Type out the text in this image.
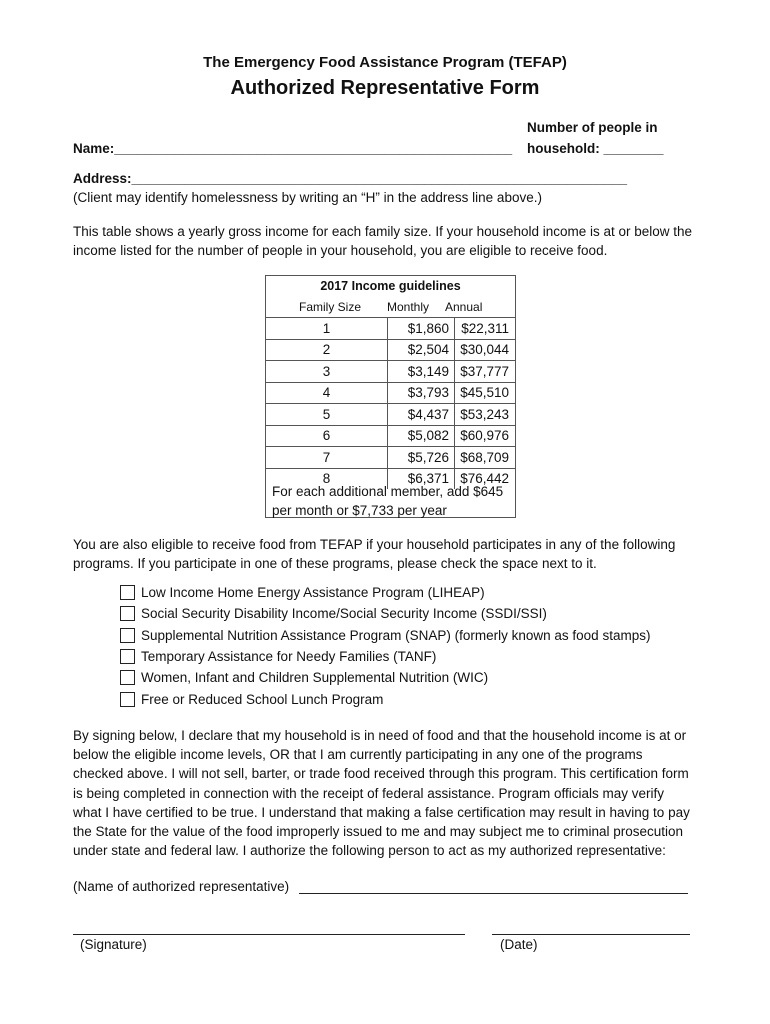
The Emergency Food Assistance Program (TEFAP)
Authorized Representative Form
Number of people in
Name:_____________________________________________________ household: ________
Address:__________________________________________________________________
(Client may identify homelessness by writing an “H” in the address line above.)
This table shows a yearly gross income for each family size. If your household income is at or below the income listed for the number of people in your household, you are eligible to receive food.
2017 Income guidelines
Family Size Monthly Annual
1	$1,860	$22,311
2	$2,504	$30,044
3	$3,149	$37,777
4	$3,793	$45,510
5	$4,437	$53,243
6	$5,082	$60,976
7	$5,726	$68,709
8	$6,371	$76,442
For each additional member, add $645 per month or $7,733 per year
You are also eligible to receive food from TEFAP if your household participates in any of the following programs. If you participate in one of these programs, please check the space next to it.
Low Income Home Energy Assistance Program (LIHEAP)
Social Security Disability Income/Social Security Income (SSDI/SSI)
Supplemental Nutrition Assistance Program (SNAP) (formerly known as food stamps)
Temporary Assistance for Needy Families (TANF)
Women, Infant and Children Supplemental Nutrition (WIC)
Free or Reduced School Lunch Program
By signing below, I declare that my household is in need of food and that the household income is at or below the eligible income levels, OR that I am currently participating in any one of the programs checked above. I will not sell, barter, or trade food received through this program. This certification form is being completed in connection with the receipt of federal assistance. Program officials may verify what I have certified to be true. I understand that making a false certification may result in having to pay the State for the value of the food improperly issued to me and may subject me to criminal prosecution under state and federal law. I authorize the following person to act as my authorized representative:
(Name of authorized representative)
(Signature)	(Date)
